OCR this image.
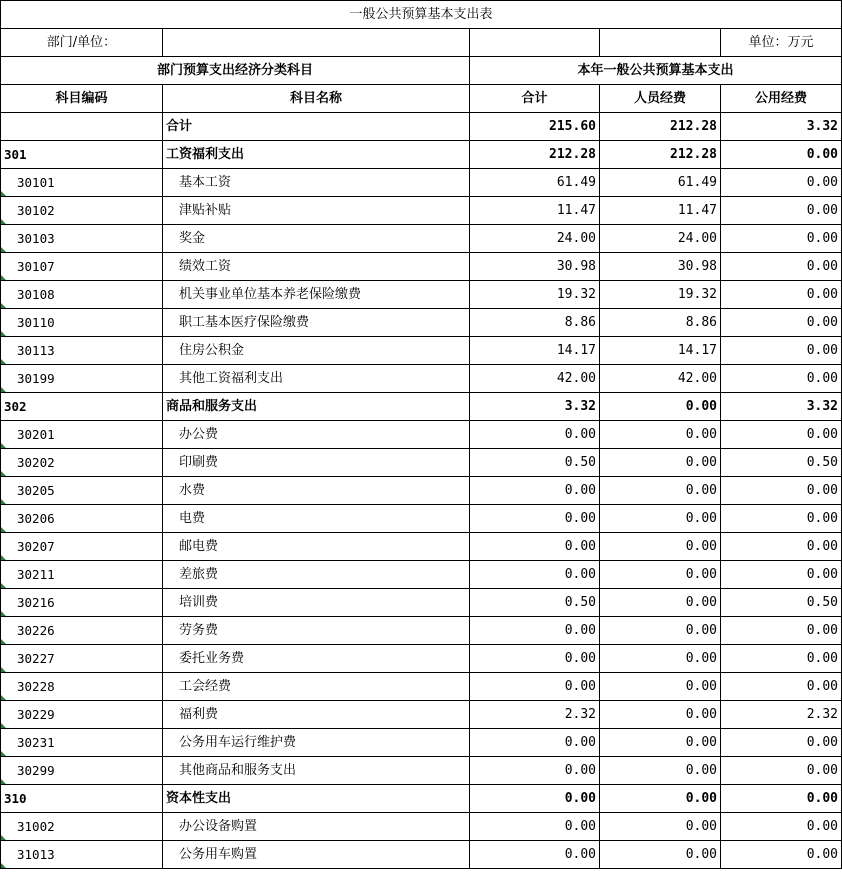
一般公共预算基本支出表				
部门/单位：				单位：万元
部门预算支出经济分类科目		本年一般公共预算基本支出		
科目编码	科目名称	合计	人员经费	公用经费
	合计	215.60	212.28	3.32
301	工资福利支出	212.28	212.28	0.00
30101	基本工资	61.49	61.49	0.00
30102	津贴补贴	11.47	11.47	0.00
30103	奖金	24.00	24.00	0.00
30107	绩效工资	30.98	30.98	0.00
30108	机关事业单位基本养老保险缴费	19.32	19.32	0.00
30110	职工基本医疗保险缴费	8.86	8.86	0.00
30113	住房公积金	14.17	14.17	0.00
30199	其他工资福利支出	42.00	42.00	0.00
302	商品和服务支出	3.32	0.00	3.32
30201	办公费	0.00	0.00	0.00
30202	印刷费	0.50	0.00	0.50
30205	水费	0.00	0.00	0.00
30206	电费	0.00	0.00	0.00
30207	邮电费	0.00	0.00	0.00
30211	差旅费	0.00	0.00	0.00
30216	培训费	0.50	0.00	0.50
30226	劳务费	0.00	0.00	0.00
30227	委托业务费	0.00	0.00	0.00
30228	工会经费	0.00	0.00	0.00
30229	福利费	2.32	0.00	2.32
30231	公务用车运行维护费	0.00	0.00	0.00
30299	其他商品和服务支出	0.00	0.00	0.00
310	资本性支出	0.00	0.00	0.00
31002	办公设备购置	0.00	0.00	0.00
31013	公务用车购置	0.00	0.00	0.00
